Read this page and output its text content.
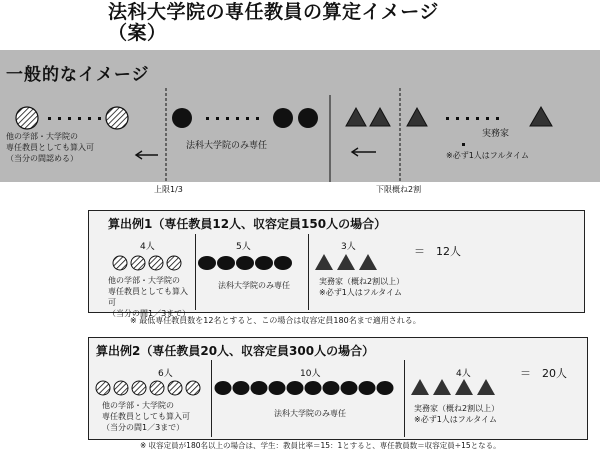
法科大学院の専任教員の算定イメージ
（案）
一般的なイメージ
他の学部・大学院の
専任教員としても算入可
（当分の間認める）
法科大学院のみ専任
実務家
※必ず1人はフルタイム
上限1/3	下限概ね2割
算出例1（専任教員12人、収容定員150人の場合）
4人	5人	3人	＝　12人
他の学部・大学院の
専任教員としても算入可
（当分の間1／3まで）
法科大学院のみ専任	実務家（概ね2割以上）
※必ず1人はフルタイム
※ 最低専任教員数を12名とすると、この場合は収容定員180名まで適用される。
算出例2（専任教員20人、収容定員300人の場合）
6人	10人	4人	＝　20人
他の学部・大学院の
専任教員としても算入可
（当分の間1／3まで）
法科大学院のみ専任
実務家（概ね2割以上）
※必ず1人はフルタイム
※ 収容定員が180名以上の場合は、学生：教員比率＝15：1とすると、専任教員数＝収容定員÷15となる。
